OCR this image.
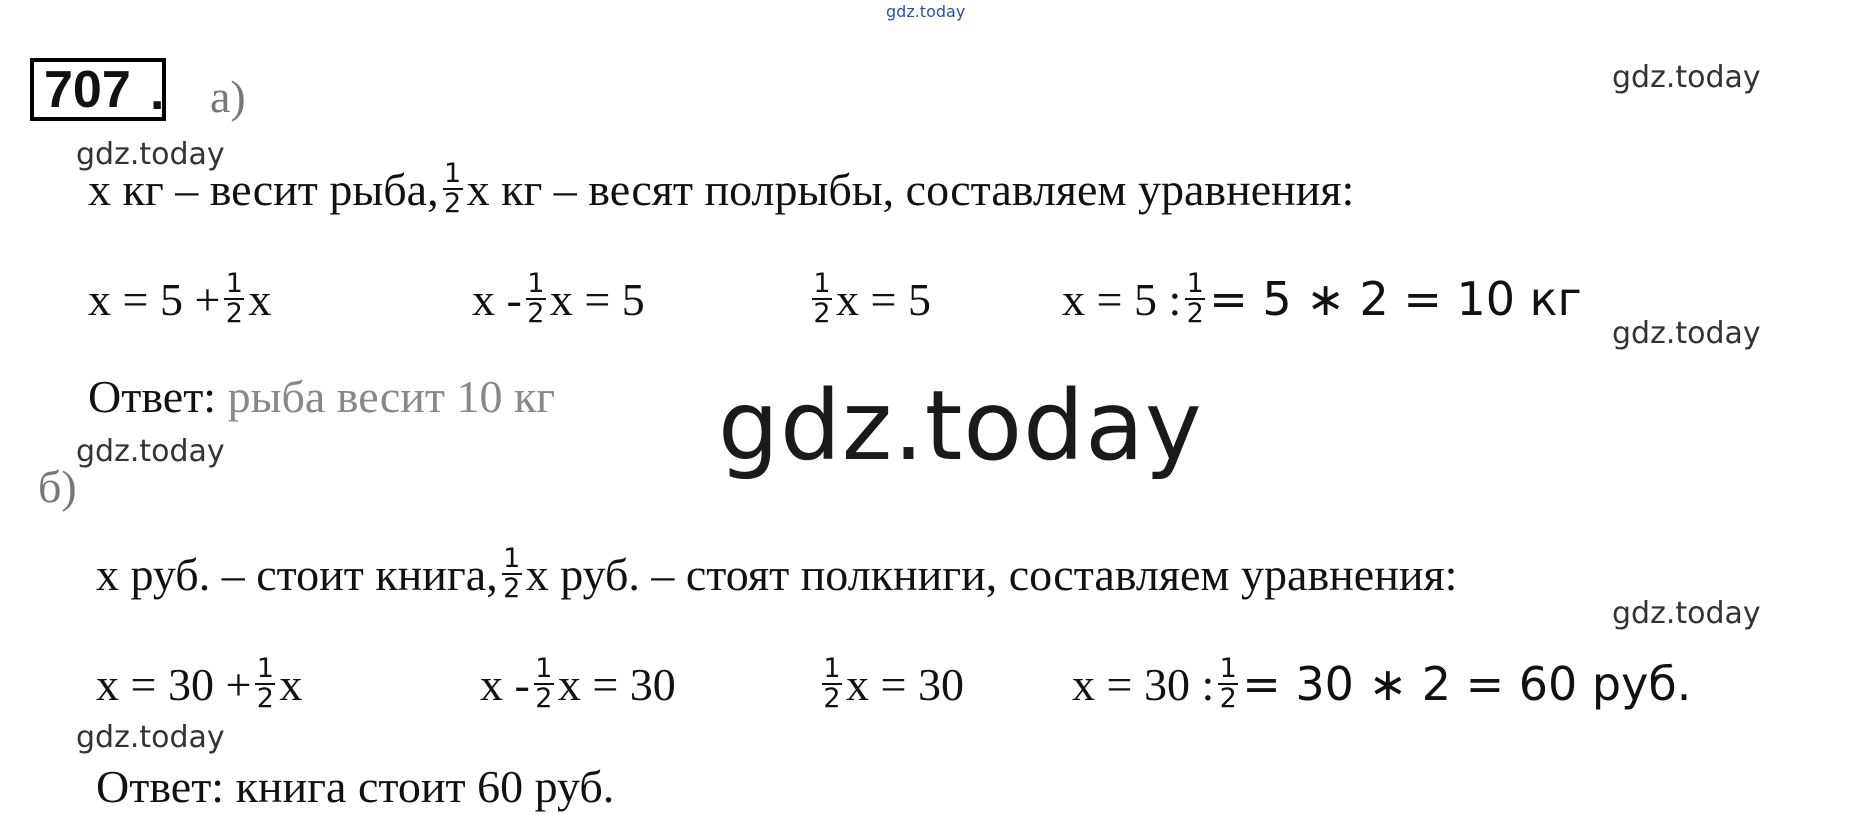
gdz.today
gdz.today
gdz.today
gdz.today
gdz.today
gdz.today
gdz.today
gdz.today
707 . а)
х кг – весит рыба, $\frac{1}{2}$ х кг – весят полрыбы, составляем уравнения:
$х = 5 + \frac{1}{2}$ х	х - $\frac{1}{2}$ х = 5	$\frac{1}{2}$ х = 5	х = 5 : $\frac{1}{2} = 5$ ∗ 2 = 10 кг
Ответ:
рыба весит 10 кг
б)
х руб. – стоит книга, $\frac{1}{2}$ х руб. – стоят полкниги, составляем уравнения:
$х = 30 + \frac{1}{2}$ х	х - $\frac{1}{2}$ х = 30	$\frac{1}{2}$ х = 30 х = 30 : $\frac{1}{2} = 30$ ∗ 2 = 60 руб.
Ответ: книга стоит 60 руб.
